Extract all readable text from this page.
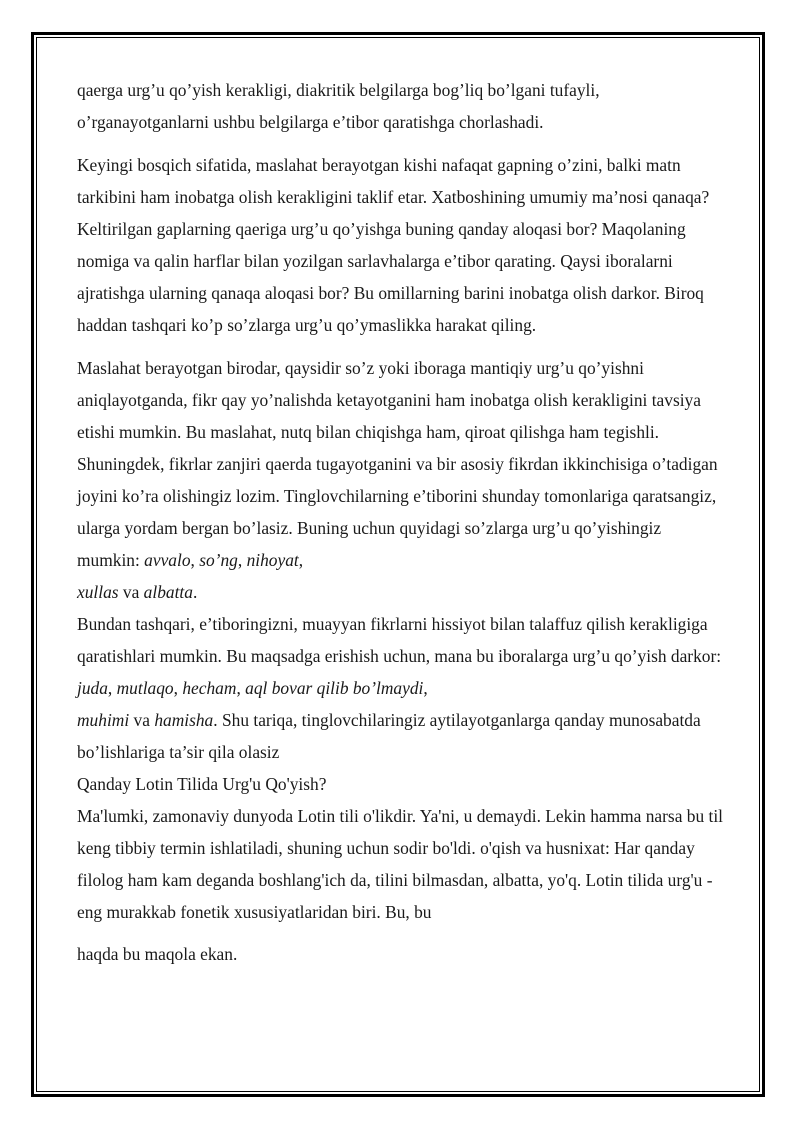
qaerga urg’u qo’yish kerakligi, diakritik belgilarga bog’liq bo’lgani tufayli, o’rganayotganlarni ushbu belgilarga e’tibor qaratishga chorlashadi.

Keyingi bosqich sifatida, maslahat berayotgan kishi nafaqat gapning o’zini, balki matn tarkibini ham inobatga olish kerakligini taklif etar. Xatboshining umumiy ma’nosi qanaqa? Keltirilgan gaplarning qaeriga urg’u qo’yishga buning qanday aloqasi bor? Maqolaning nomiga va qalin harflar bilan yozilgan sarlavhalarga e’tibor qarating. Qaysi iboralarni ajratishga ularning qanaqa aloqasi bor? Bu omillarning barini inobatga olish darkor. Biroq haddan tashqari ko’p so’zlarga urg’u qo’ymaslikka harakat qiling.

Maslahat berayotgan birodar, qaysidir so’z yoki iboraga mantiqiy urg’u qo’yishni aniqlayotganda, fikr qay yo’nalishda ketayotganini ham inobatga olish kerakligini tavsiya etishi mumkin. Bu maslahat, nutq bilan chiqishga ham, qiroat qilishga ham tegishli. Shuningdek, fikrlar zanjiri qaerda tugayotganini va bir asosiy fikrdan ikkinchisiga o’tadigan joyini ko’ra olishingiz lozim. Tinglovchilarning e’tiborini shunday tomonlariga qaratsangiz, ularga yordam bergan bo’lasiz. Buning uchun quyidagi so’zlarga urg’u qo’yishingiz mumkin: avvalo, so’ng, nihoyat,
xullas va albatta.

Bundan tashqari, e’tiboringizni, muayyan fikrlarni hissiyot bilan talaffuz qilish kerakligiga qaratishlari mumkin. Bu maqsadga erishish uchun, mana bu iboralarga urg’u qo’yish darkor: juda, mutlaqo, hecham, aql bovar qilib bo’lmaydi,
muhimi va hamisha. Shu tariqa, tinglovchilaringiz aytilayotganlarga qanday munosabatda bo’lishlariga ta’sir qila olasiz

Qanday Lotin Tilida Urg'u Qo'yish?

Ma'lumki, zamonaviy dunyoda Lotin tili o'likdir. Ya'ni, u demaydi. Lekin hamma narsa bu til keng tibbiy termin ishlatiladi, shuning uchun sodir bo'ldi. o'qish va husnixat: Har qanday filolog ham kam deganda boshlang'ich da, tilini bilmasdan, albatta, yo'q. Lotin tilida urg'u - eng murakkab fonetik xususiyatlaridan biri. Bu, bu

haqda bu maqola ekan.
